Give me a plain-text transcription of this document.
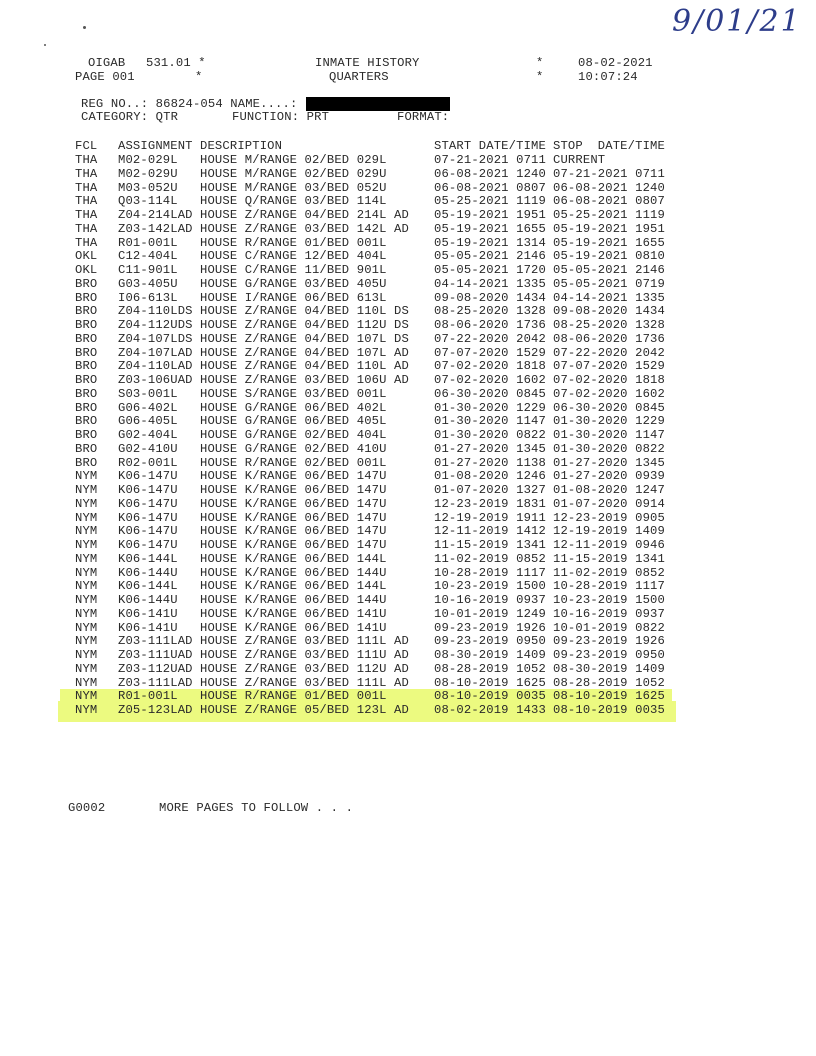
9/01/21
OIGAB 531.01 *
PAGE 001	*
INMATE HISTORY
QUARTERS
*
*
08-02-2021
10:07:24
REG NO..: 86824-054 NAME....:
CATEGORY: QTR	FUNCTION: PRT	FORMAT:
FCL ASSIGNMENT DESCRIPTION	START DATE/TIME STOP  DATE/TIME
THA M02-029L HOUSE M/RANGE 02/BED 029L	07-21-2021 0711 CURRENT
THA M02-029U HOUSE M/RANGE 02/BED 029U	06-08-2021 1240 07-21-2021 0711
THA M03-052U HOUSE M/RANGE 03/BED 052U	06-08-2021 0807 06-08-2021 1240
THA Q03-114L HOUSE Q/RANGE 03/BED 114L	05-25-2021 1119 06-08-2021 0807
THA Z04-214LAD HOUSE Z/RANGE 04/BED 214L AD 05-19-2021 1951 05-25-2021 1119
THA Z03-142LAD HOUSE Z/RANGE 03/BED 142L AD 05-19-2021 1655 05-19-2021 1951
THA R01-001L HOUSE R/RANGE 01/BED 001L	05-19-2021 1314 05-19-2021 1655
OKL C12-404L HOUSE C/RANGE 12/BED 404L	05-05-2021 2146 05-19-2021 0810
OKL C11-901L HOUSE C/RANGE 11/BED 901L	05-05-2021 1720 05-05-2021 2146
BRO G03-405U HOUSE G/RANGE 03/BED 405U	04-14-2021 1335 05-05-2021 0719
BRO I06-613L HOUSE I/RANGE 06/BED 613L	09-08-2020 1434 04-14-2021 1335
BRO Z04-110LDS HOUSE Z/RANGE 04/BED 110L DS 08-25-2020 1328 09-08-2020 1434
BRO Z04-112UDS HOUSE Z/RANGE 04/BED 112U DS 08-06-2020 1736 08-25-2020 1328
BRO Z04-107LDS HOUSE Z/RANGE 04/BED 107L DS 07-22-2020 2042 08-06-2020 1736
BRO Z04-107LAD HOUSE Z/RANGE 04/BED 107L AD 07-07-2020 1529 07-22-2020 2042
BRO Z04-110LAD HOUSE Z/RANGE 04/BED 110L AD 07-02-2020 1818 07-07-2020 1529
BRO Z03-106UAD HOUSE Z/RANGE 03/BED 106U AD 07-02-2020 1602 07-02-2020 1818
BRO S03-001L HOUSE S/RANGE 03/BED 001L	06-30-2020 0845 07-02-2020 1602
BRO G06-402L HOUSE G/RANGE 06/BED 402L	01-30-2020 1229 06-30-2020 0845
BRO G06-405L HOUSE G/RANGE 06/BED 405L	01-30-2020 1147 01-30-2020 1229
BRO G02-404L HOUSE G/RANGE 02/BED 404L	01-30-2020 0822 01-30-2020 1147
BRO G02-410U HOUSE G/RANGE 02/BED 410U	01-27-2020 1345 01-30-2020 0822
BRO R02-001L HOUSE R/RANGE 02/BED 001L	01-27-2020 1138 01-27-2020 1345
NYM K06-147U HOUSE K/RANGE 06/BED 147U	01-08-2020 1246 01-27-2020 0939
NYM K06-147U HOUSE K/RANGE 06/BED 147U	01-07-2020 1327 01-08-2020 1247
NYM K06-147U HOUSE K/RANGE 06/BED 147U	12-23-2019 1831 01-07-2020 0914
NYM K06-147U HOUSE K/RANGE 06/BED 147U	12-19-2019 1911 12-23-2019 0905
NYM K06-147U HOUSE K/RANGE 06/BED 147U	12-11-2019 1412 12-19-2019 1409
NYM K06-147U HOUSE K/RANGE 06/BED 147U	11-15-2019 1341 12-11-2019 0946
NYM K06-144L HOUSE K/RANGE 06/BED 144L	11-02-2019 0852 11-15-2019 1341
NYM K06-144U HOUSE K/RANGE 06/BED 144U	10-28-2019 1117 11-02-2019 0852
NYM K06-144L HOUSE K/RANGE 06/BED 144L	10-23-2019 1500 10-28-2019 1117
NYM K06-144U HOUSE K/RANGE 06/BED 144U	10-16-2019 0937 10-23-2019 1500
NYM K06-141U HOUSE K/RANGE 06/BED 141U	10-01-2019 1249 10-16-2019 0937
NYM K06-141U HOUSE K/RANGE 06/BED 141U	09-23-2019 1926 10-01-2019 0822
NYM Z03-111LAD HOUSE Z/RANGE 03/BED 111L AD 09-23-2019 0950 09-23-2019 1926
NYM Z03-111UAD HOUSE Z/RANGE 03/BED 111U AD 08-30-2019 1409 09-23-2019 0950
NYM Z03-112UAD HOUSE Z/RANGE 03/BED 112U AD 08-28-2019 1052 08-30-2019 1409
NYM Z03-111LAD HOUSE Z/RANGE 03/BED 111L AD 08-10-2019 1625 08-28-2019 1052
NYM R01-001L HOUSE R/RANGE 01/BED 001L	08-10-2019 0035 08-10-2019 1625
NYM Z05-123LAD HOUSE Z/RANGE 05/BED 123L AD 08-02-2019 1433 08-10-2019 0035
G0002	MORE PAGES TO FOLLOW . . .
